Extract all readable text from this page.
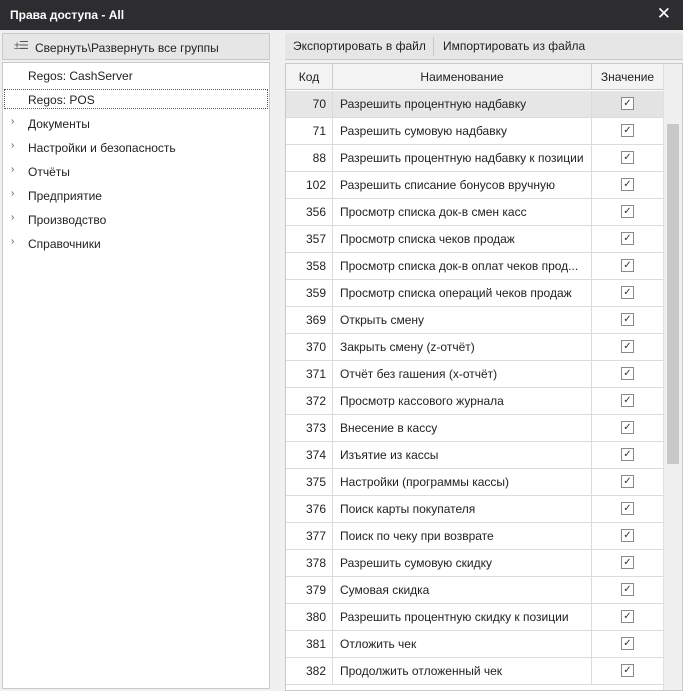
Права доступа - All	✕
±☰ Свернуть\Развернуть все группы
Regos: CashServer
Regos: POS
› Документы
› Настройки и безопасность
› Отчёты
› Предприятие
› Производство
› Справочники
Экспортировать в файл Импортировать из файла
Код	Наименование	Значение
70	Разрешить процентную надбавку	✓
71	Разрешить сумовую надбавку	✓
88	Разрешить процентную надбавку к позиции	✓
102	Разрешить списание бонусов вручную	✓
356	Просмотр списка док-в смен касс	✓
357	Просмотр списка чеков продаж	✓
358	Просмотр списка док-в оплат чеков прод...	✓
359	Просмотр списка операций чеков продаж	✓
369	Открыть смену	✓
370	Закрыть смену (z-отчёт)	✓
371	Отчёт без гашения (х-отчёт)	✓
372	Просмотр кассового журнала	✓
373	Внесение в кассу	✓
374	Изъятие из кассы	✓
375	Настройки (программы кассы)	✓
376	Поиск карты покупателя	✓
377	Поиск по чеку при возврате	✓
378	Разрешить сумовую скидку	✓
379	Сумовая скидка	✓
380	Разрешить процентную скидку к позиции	✓
381	Отложить чек	✓
382	Продолжить отложенный чек	✓
